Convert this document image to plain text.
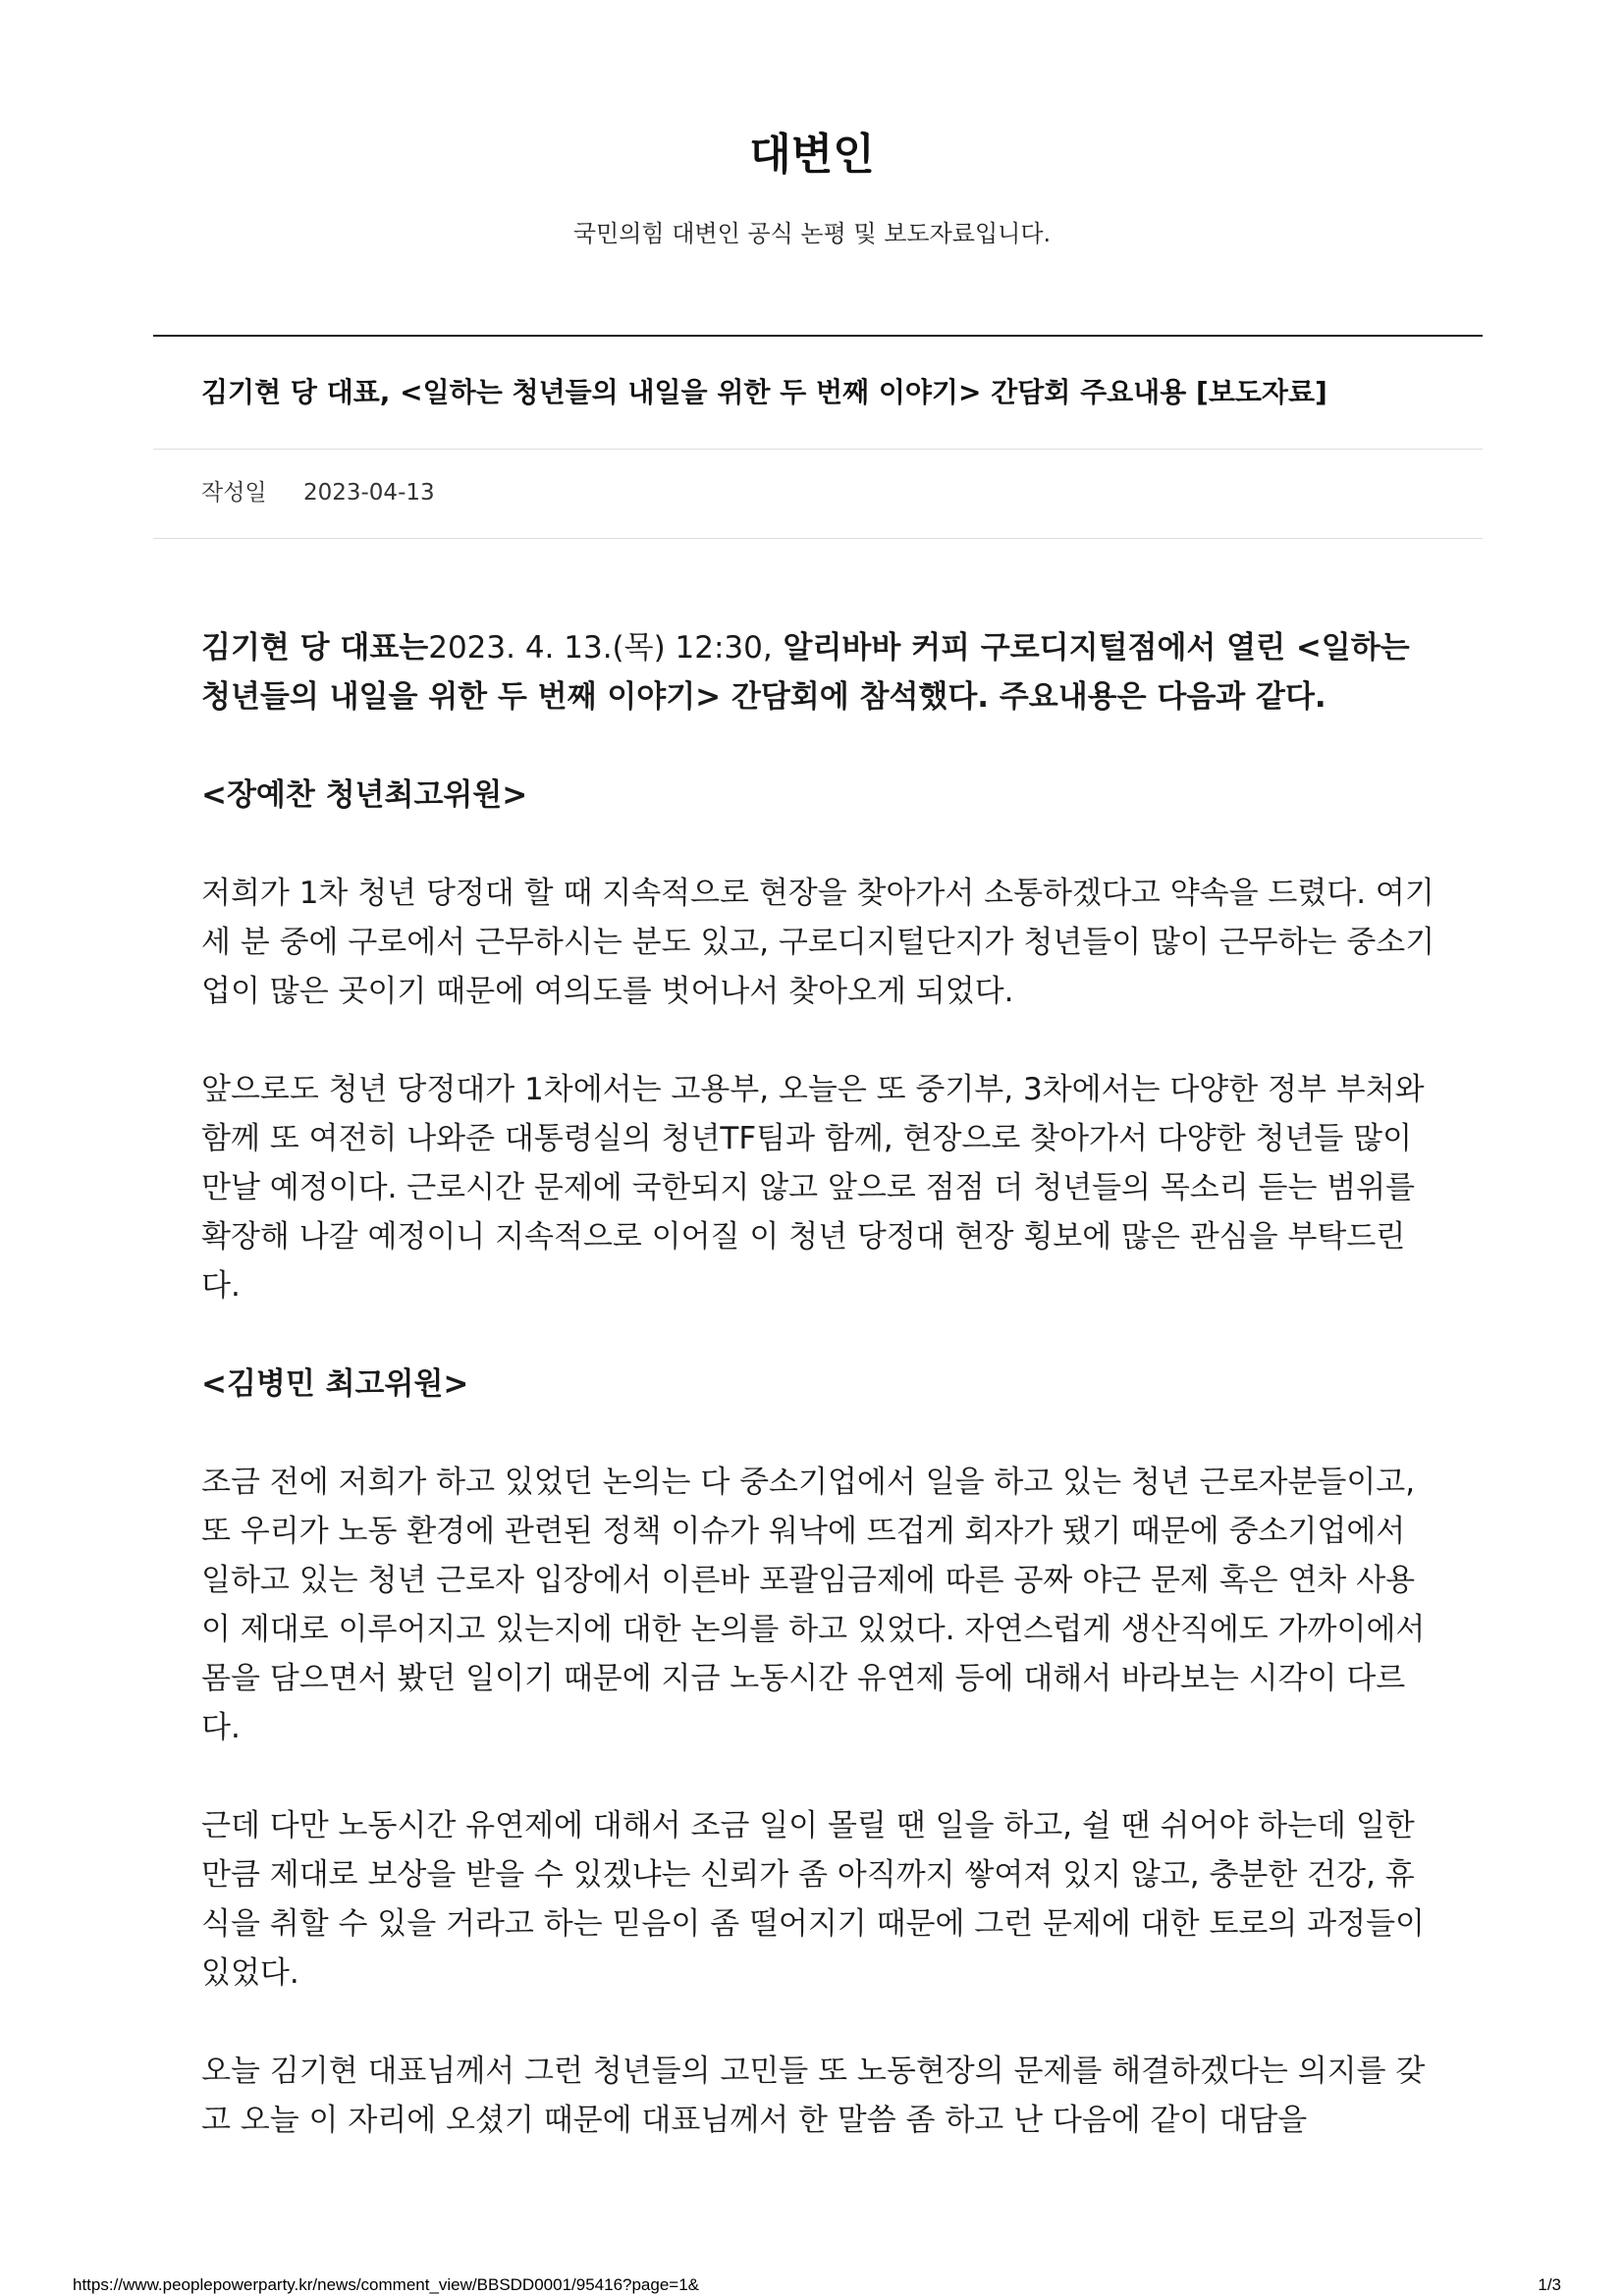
대변인

국민의힘 대변인 공식 논평 및 보도자료입니다.

김기현 당 대표, <일하는 청년들의 내일을 위한 두 번째 이야기> 간담회 주요내용 [보도자료]
작성일 2023-04-13

김기현 당 대표는2023. 4. 13.(목) 12:30, 알리바바 커피 구로디지털점에서 열린 <일하는 청년들의 내일을 위한 두 번째 이야기> 간담회에 참석했다. 주요내용은 다음과 같다.

<장예찬 청년최고위원>

저희가 1차 청년 당정대 할 때 지속적으로 현장을 찾아가서 소통하겠다고 약속을 드렸다. 여기 세 분 중에 구로에서 근무하시는 분도 있고, 구로디지털단지가 청년들이 많이 근무하는 중소기업이 많은 곳이기 때문에 여의도를 벗어나서 찾아오게 되었다.

앞으로도 청년 당정대가 1차에서는 고용부, 오늘은 또 중기부, 3차에서는 다양한 정부 부처와 함께 또 여전히 나와준 대통령실의 청년TF팀과 함께, 현장으로 찾아가서 다양한 청년들 많이 만날 예정이다. 근로시간 문제에 국한되지 않고 앞으로 점점 더 청년들의 목소리 듣는 범위를 확장해 나갈 예정이니 지속적으로 이어질 이 청년 당정대 현장 횡보에 많은 관심을 부탁드린다.

<김병민 최고위원>

조금 전에 저희가 하고 있었던 논의는 다 중소기업에서 일을 하고 있는 청년 근로자분들이고, 또 우리가 노동 환경에 관련된 정책 이슈가 워낙에 뜨겁게 회자가 됐기 때문에 중소기업에서 일하고 있는 청년 근로자 입장에서 이른바 포괄임금제에 따른 공짜 야근 문제 혹은 연차 사용이 제대로 이루어지고 있는지에 대한 논의를 하고 있었다. 자연스럽게 생산직에도 가까이에서 몸을 담으면서 봤던 일이기 때문에 지금 노동시간 유연제 등에 대해서 바라보는 시각이 다르다.

근데 다만 노동시간 유연제에 대해서 조금 일이 몰릴 땐 일을 하고, 쉴 땐 쉬어야 하는데 일한 만큼 제대로 보상을 받을 수 있겠냐는 신뢰가 좀 아직까지 쌓여져 있지 않고, 충분한 건강, 휴식을 취할 수 있을 거라고 하는 믿음이 좀 떨어지기 때문에 그런 문제에 대한 토로의 과정들이 있었다.

오늘 김기현 대표님께서 그런 청년들의 고민들 또 노동현장의 문제를 해결하겠다는 의지를 갖고 오늘 이 자리에 오셨기 때문에 대표님께서 한 말씀 좀 하고 난 다음에 같이 대담을

https://www.peoplepowerparty.kr/news/comment_view/BBSDD0001/95416?page=1&	1/3
